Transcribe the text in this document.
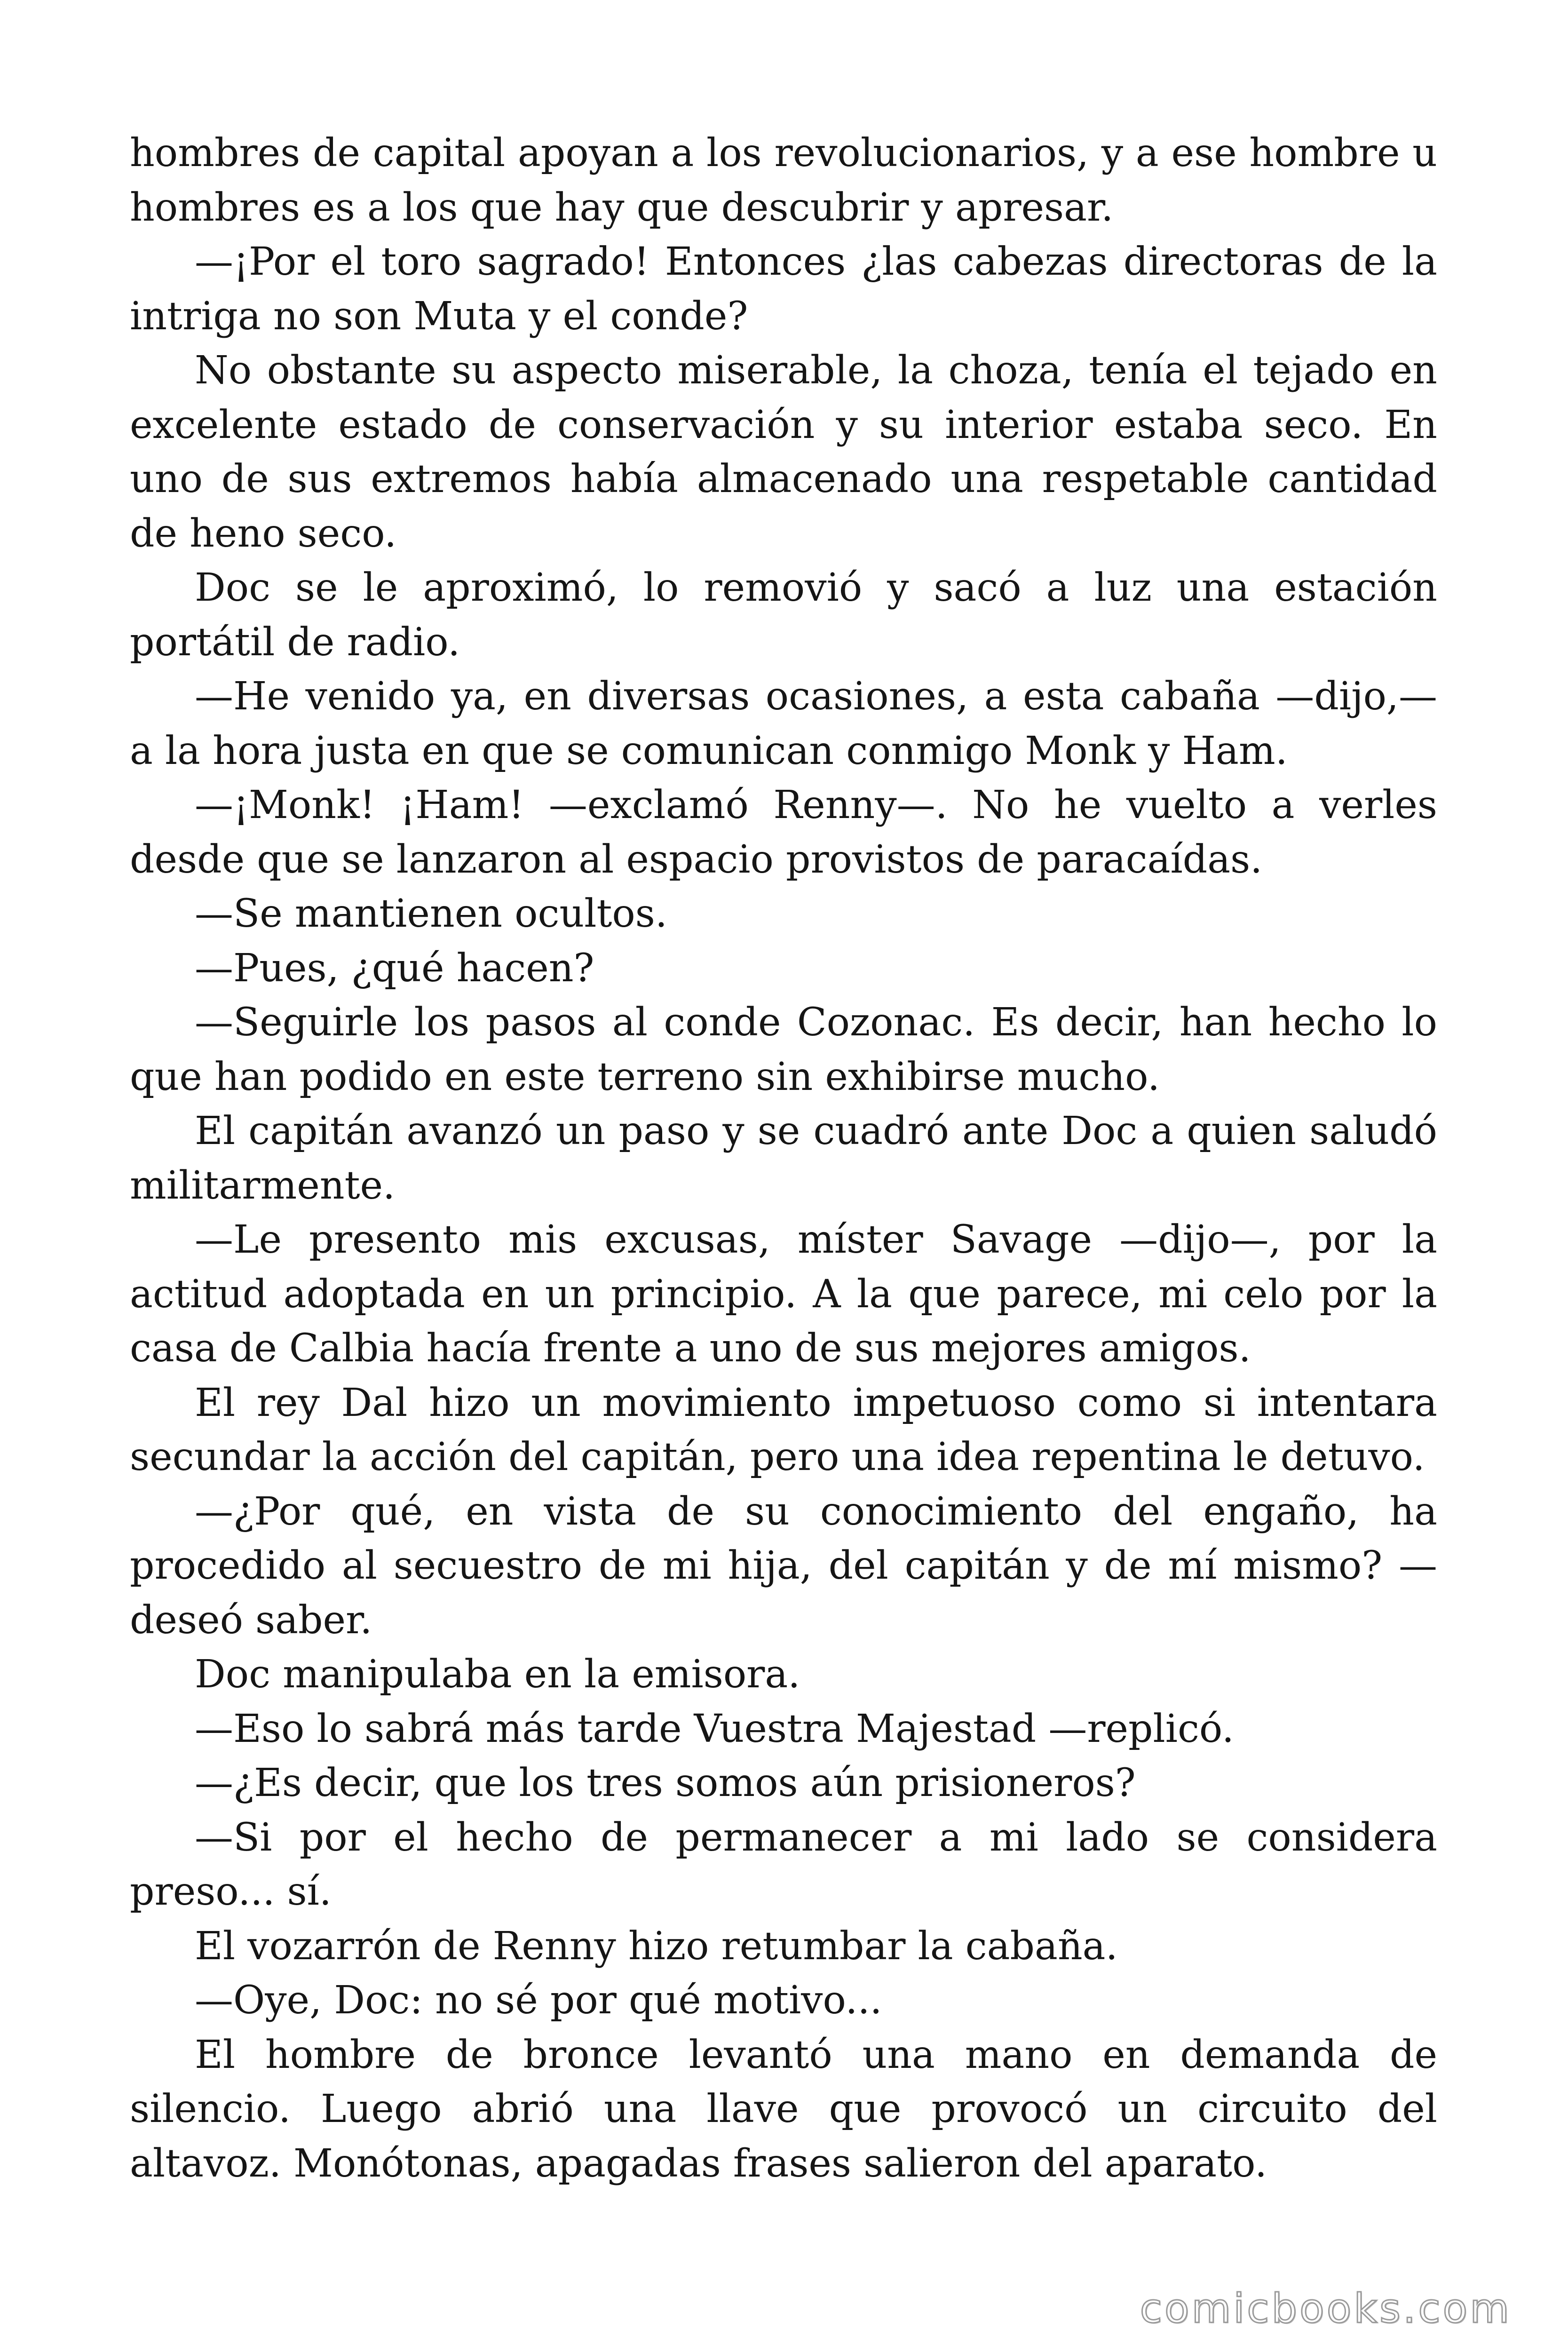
hombres de capital apoyan a los revolucionarios, y a ese hombre u hombres es a los que hay que descubrir y apresar.

—¡Por el toro sagrado! Entonces ¿las cabezas directoras de la intriga no son Muta y el conde?

No obstante su aspecto miserable, la choza, tenía el tejado en excelente estado de conservación y su interior estaba seco. En uno de sus extremos había almacenado una respetable cantidad de heno seco.

Doc se le aproximó, lo removió y sacó a luz una estación portátil de radio.

—He venido ya, en diversas ocasiones, a esta cabaña —dijo,— a la hora justa en que se comunican conmigo Monk y Ham.

—¡Monk! ¡Ham! —exclamó Renny—. No he vuelto a verles desde que se lanzaron al espacio provistos de paracaídas.

—Se mantienen ocultos.

—Pues, ¿qué hacen?

—Seguirle los pasos al conde Cozonac. Es decir, han hecho lo que han podido en este terreno sin exhibirse mucho.

El capitán avanzó un paso y se cuadró ante Doc a quien saludó militarmente.

—Le presento mis excusas, míster Savage —dijo—, por la actitud adoptada en un principio. A la que parece, mi celo por la casa de Calbia hacía frente a uno de sus mejores amigos.

El rey Dal hizo un movimiento impetuoso como si intentara secundar la acción del capitán, pero una idea repentina le detuvo.

—¿Por qué, en vista de su conocimiento del engaño, ha procedido al secuestro de mi hija, del capitán y de mí mismo? —deseó saber.

Doc manipulaba en la emisora.

—Eso lo sabrá más tarde Vuestra Majestad —replicó.

—¿Es decir, que los tres somos aún prisioneros?

—Si por el hecho de permanecer a mi lado se considera preso... sí.

El vozarrón de Renny hizo retumbar la cabaña.

—Oye, Doc: no sé por qué motivo...

El hombre de bronce levantó una mano en demanda de silencio. Luego abrió una llave que provocó un circuito del altavoz. Monótonas, apagadas frases salieron del aparato.

comicbooks.com
